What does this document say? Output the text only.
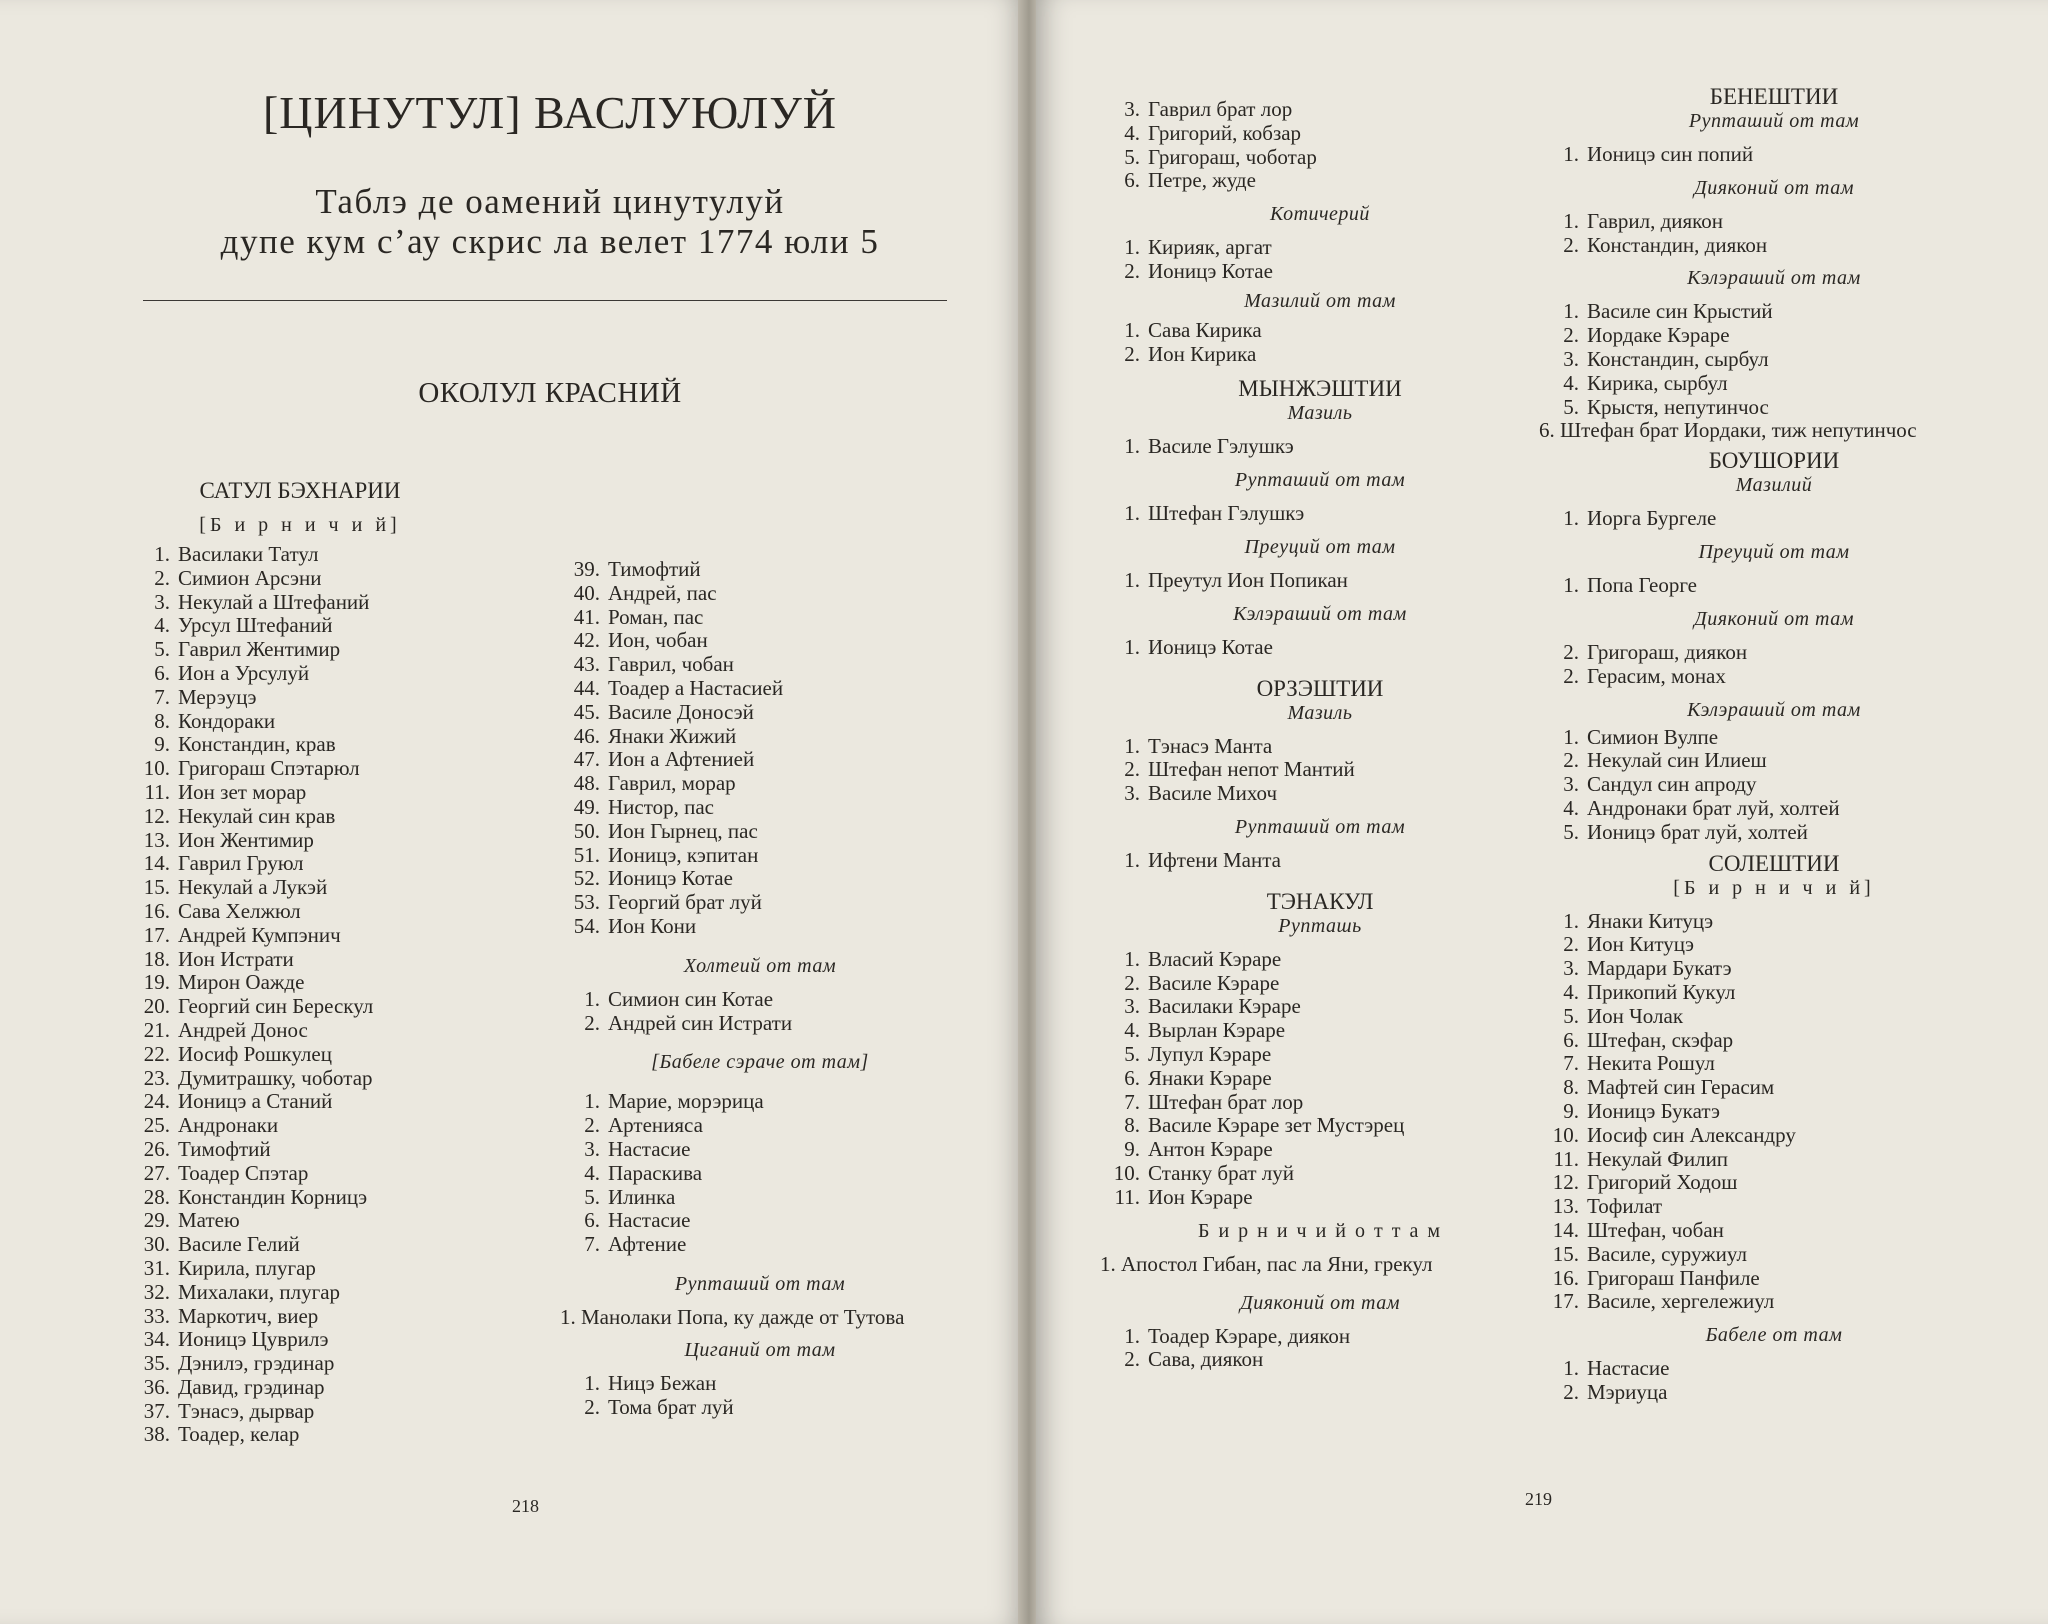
[ЦИНУТУЛ] ВАСЛУЮЛУЙ
Таблэ де оамений цинутулуй
дупе кум с’ау скрис ла велет 1774 юли 5
ОКОЛУЛ КРАСНИЙ
САТУЛ БЭХНАРИИ
[Б и р н и ч и й]
1. Василаки Татул
2. Симион Арсэни
3. Некулай а Штефаний
4. Урсул Штефаний
5. Гаврил Жентимир
6. Ион а Урсулуй
7. Мерэуцэ
8. Кондораки
9. Констандин, крав
10. Григораш Спэтарюл
11. Ион зет морар
12. Некулай син крав
13. Ион Жентимир
14. Гаврил Груюл
15. Некулай а Лукэй
16. Сава Хелжюл
17. Андрей Кумпэнич
18. Ион Истрати
19. Мирон Оажде
20. Георгий син Берескул
21. Андрей Донос
22. Иосиф Рошкулец
23. Думитрашку, чоботар
24. Ионицэ а Станий
25. Андронаки
26. Тимофтий
27. Тоадер Спэтар
28. Констандин Корницэ
29. Матею
30. Василе Гелий
31. Кирила, плугар
32. Михалаки, плугар
33. Маркотич, виер
34. Ионицэ Цуврилэ
35. Дэнилэ, грэдинар
36. Давид, грэдинар
37. Тэнасэ, дырвар
38. Тоадер, келар
39. Тимофтий
40. Андрей, пас
41. Роман, пас
42. Ион, чобан
43. Гаврил, чобан
44. Тоадер а Настасией
45. Василе Доносэй
46. Янаки Жижий
47. Ион а Афтенией
48. Гаврил, морар
49. Нистор, пас
50. Ион Гырнец, пас
51. Ионицэ, кэпитан
52. Ионицэ Котае
53. Георгий брат луй
54. Ион Кони
Холтеий от там
1. Симион син Котае
2. Андрей син Истрати
[Бабеле сэраче от там]
1. Марие, морэрица
2. Артенияса
3. Настасие
4. Параскива
5. Илинка
6. Настасие
7. Афтение
Рупташий от там
1. Манолаки Попа, ку дажде от Тутова
Циганий от там
1. Ницэ Бежан
2. Тома брат луй
218
3. Гаврил брат лор
4. Григорий, кобзар
5. Григораш, чоботар
6. Петре, жуде
Котичерий
1. Кирияк, аргат
2. Ионицэ Котае
Мазилий от там
1. Сава Кирика
2. Ион Кирика
МЫНЖЭШТИИ
Мазиль
1. Василе Гэлушкэ
Рупташий от там
1. Штефан Гэлушкэ
Преуций от там
1. Преутул Ион Попикан
Кэлэраший от там
1. Ионицэ Котае
ОРЗЭШТИИ
Мазиль
1. Тэнасэ Манта
2. Штефан непот Мантий
3. Василе Михоч
Рупташий от там
1. Ифтени Манта
ТЭНАКУЛ
Рупташь
1. Власий Кэраре
2. Василе Кэраре
3. Василаки Кэраре
4. Вырлан Кэраре
5. Лупул Кэраре
6. Янаки Кэраре
7. Штефан брат лор
8. Василе Кэраре зет Мустэрец
9. Антон Кэраре
10. Станку брат луй
11. Ион Кэраре
Б и р н и ч и й о т т а м
1. Апостол Гибан, пас ла Яни, грекул
Дияконий от там
1. Тоадер Кэраре, диякон
2. Сава, диякон
БЕНЕШТИИ
Рупташий от там
1. Ионицэ син попий
Дияконий от там
1. Гаврил, диякон
2. Констандин, диякон
Кэлэраший от там
1. Василе син Крыстий
2. Иордаке Кэраре
3. Констандин, сырбул
4. Кирика, сырбул
5. Крыстя, непутинчос
6. Штефан брат Иордаки, тиж непутинчос
БОУШОРИИ
Мазилий
1. Иорга Бургеле
Преуций от там
1. Попа Георге
Дияконий от там
2. Григораш, диякон
2. Герасим, монах
Кэлэраший от там
1. Симион Вулпе
2. Некулай син Илиеш
3. Сандул син апроду
4. Андронаки брат луй, холтей
5. Ионицэ брат луй, холтей
СОЛЕШТИИ
[Б и р н и ч и й]
1. Янаки Китуцэ
2. Ион Китуцэ
3. Мардари Букатэ
4. Прикопий Кукул
5. Ион Чолак
6. Штефан, скэфар
7. Некита Рошул
8. Мафтей син Герасим
9. Ионицэ Букатэ
10. Иосиф син Александру
11. Некулай Филип
12. Григорий Ходош
13. Тофилат
14. Штефан, чобан
15. Василе, суружиул
16. Григораш Панфиле
17. Василе, хергележиул
Бабеле от там
1. Настасие
2. Мэриуца
219
